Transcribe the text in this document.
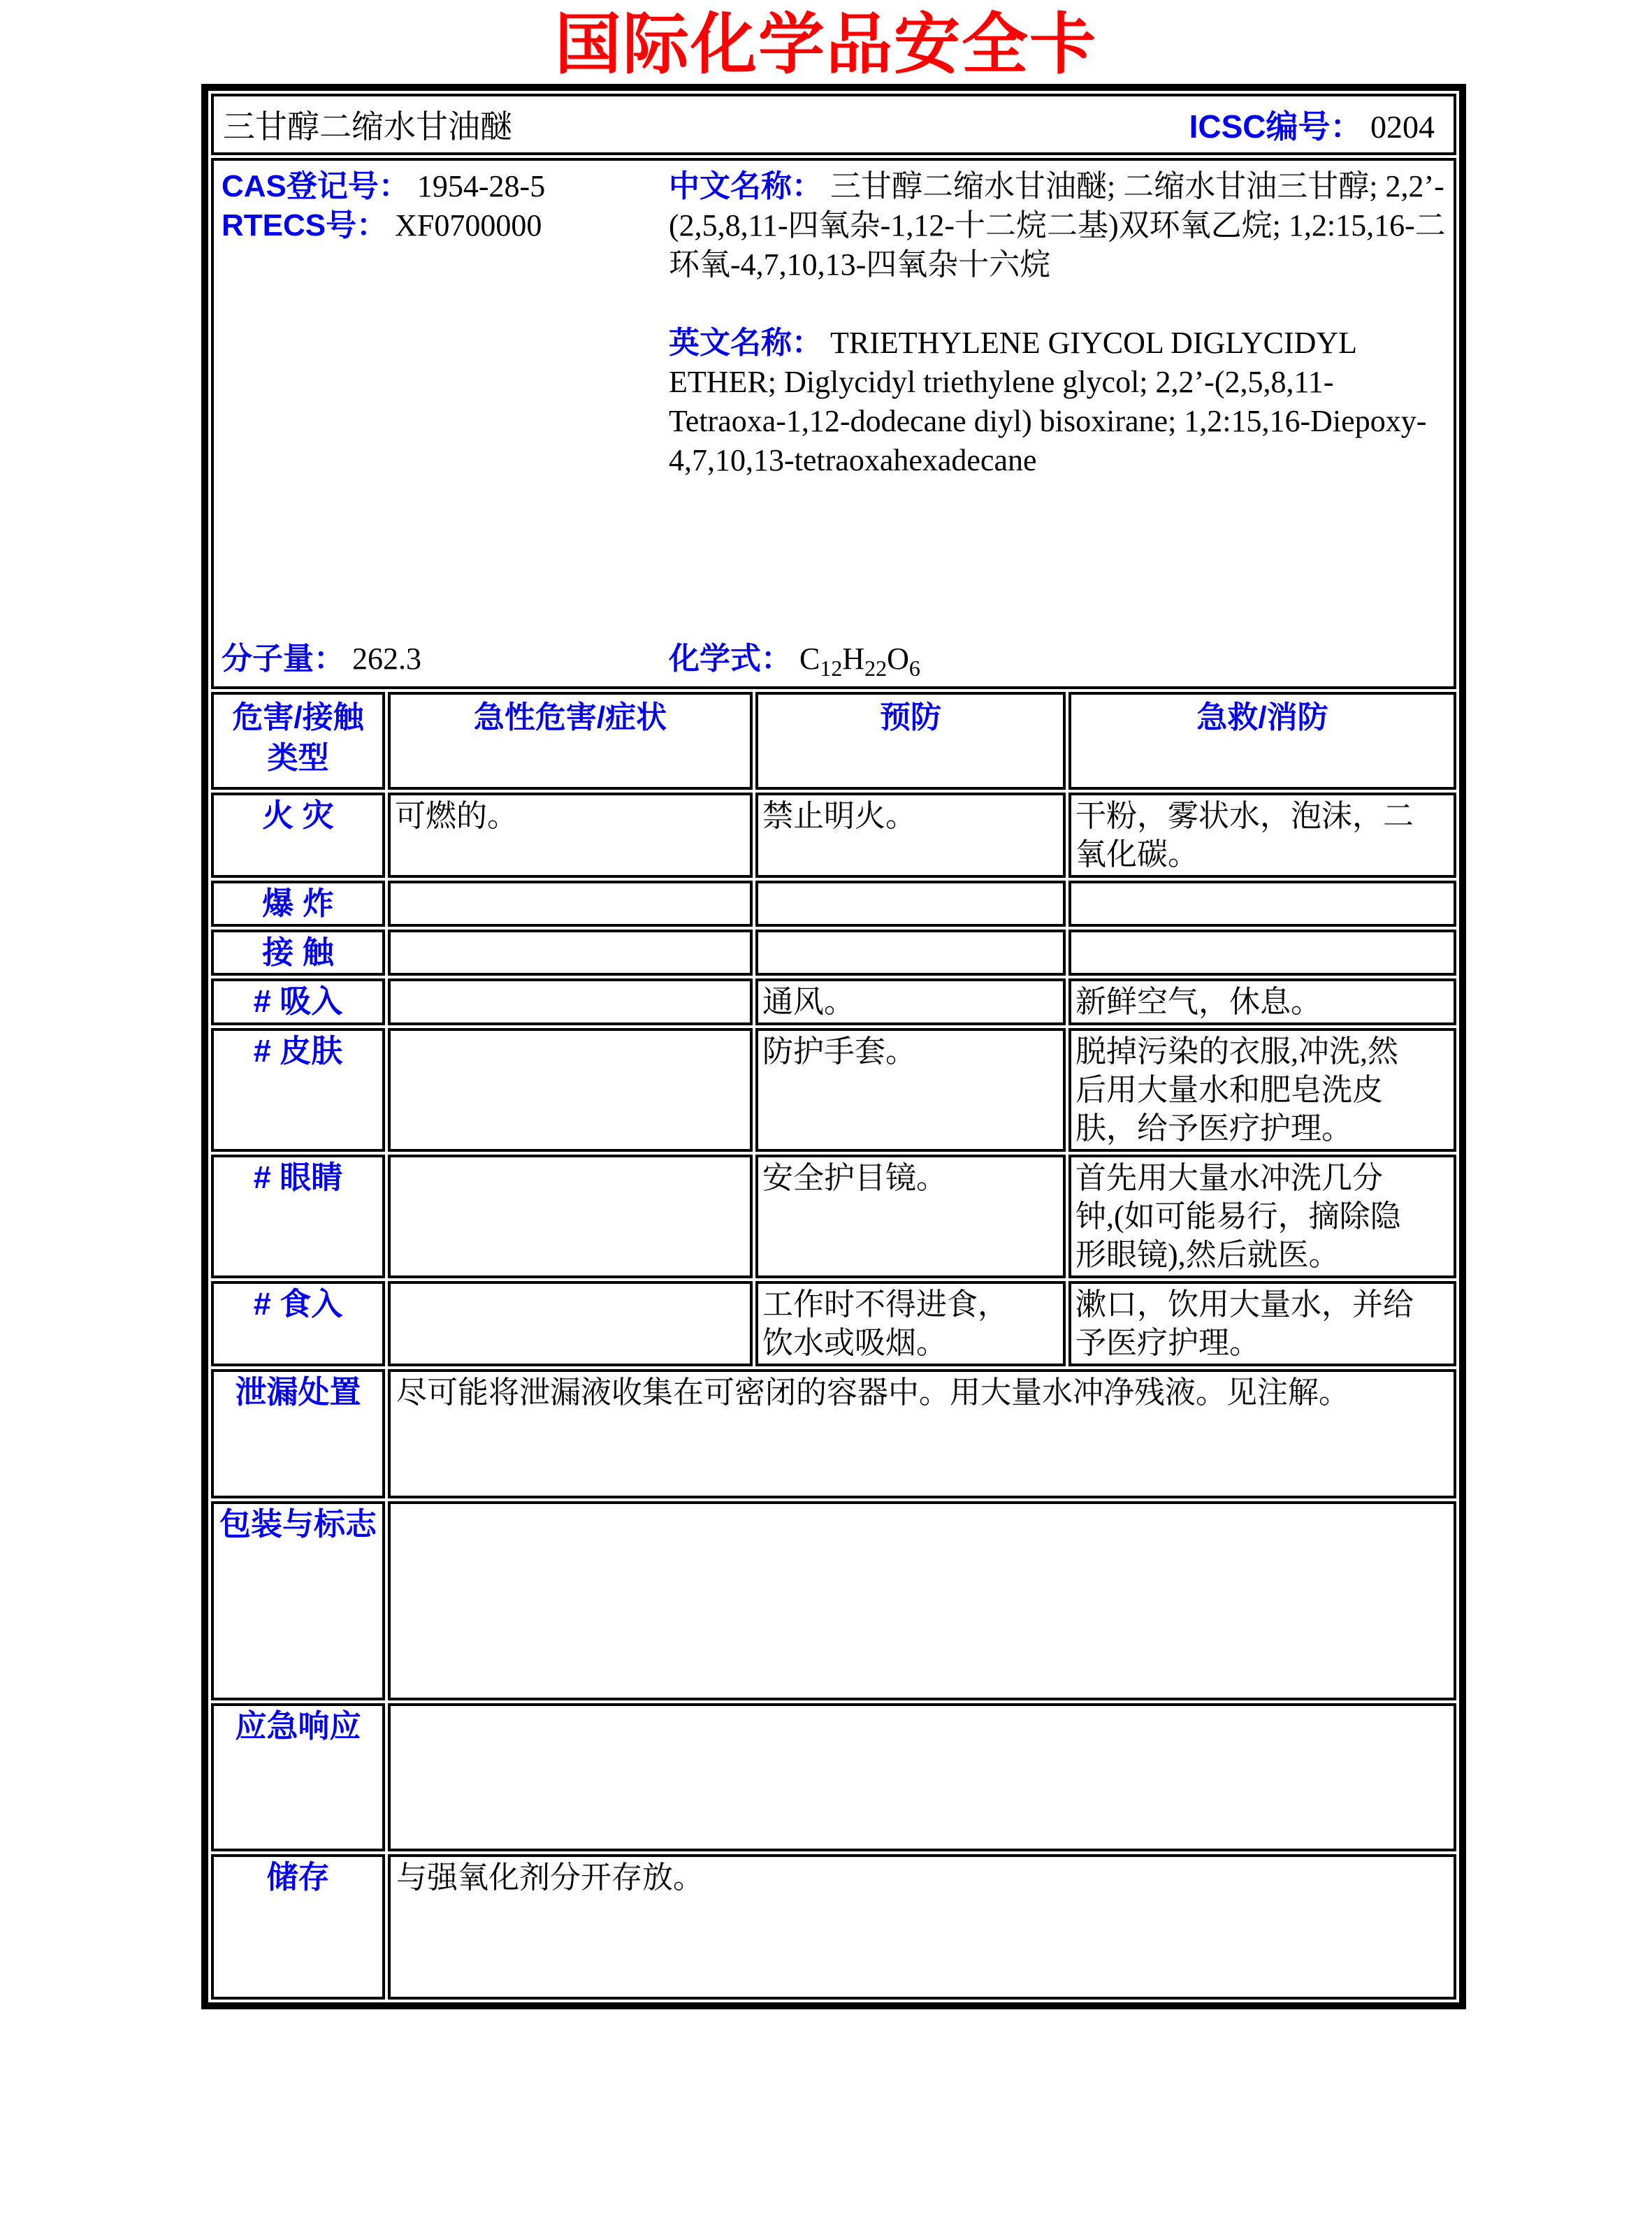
国际化学品安全卡
三甘醇二缩水甘油醚 ICSC编号： 0204			

CAS登记号： 1954-28-5
RTECS号： XF0700000
中文名称： 三甘醇二缩水甘油醚; 二缩水甘油三甘醇; 2,2’-(2,5,8,11-四氧杂-1,12-十二烷二基)双环氧乙烷; 1,2:15,16-二环氧-4,7,10,13-四氧杂十六烷
英文名称： TRIETHYLENE GIYCOL DIGLYCIDYL ETHER; Diglycidyl triethylene glycol; 2,2’-(2,5,8,11-Tetraoxa-1,12-dodecane diyl) bisoxirane; 1,2:15,16-Diepoxy-4,7,10,13-tetraoxahexadecane
分子量： 262.3	化学式： $C_{12}H_{22}O_6$

危害/接触类型	急性危害/症状	预防	急救/消防
火 灾	可燃的。	禁止明火。	干粉，雾状水，泡沫，二氧化碳。
爆 炸			
接 触			
# 吸入		通风。	新鲜空气，休息。
# 皮肤		防护手套。	脱掉污染的衣服,冲洗,然后用大量水和肥皂洗皮肤，给予医疗护理。
# 眼睛		安全护目镜。	首先用大量水冲洗几分钟,(如可能易行，摘除隐形眼镜),然后就医。
# 食入		工作时不得进食，饮水或吸烟。	漱口，饮用大量水，并给予医疗护理。
泄漏处置	尽可能将泄漏液收集在可密闭的容器中。用大量水冲净残液。见注解。		
包装与标志			
应急响应			
储存	与强氧化剂分开存放。		
